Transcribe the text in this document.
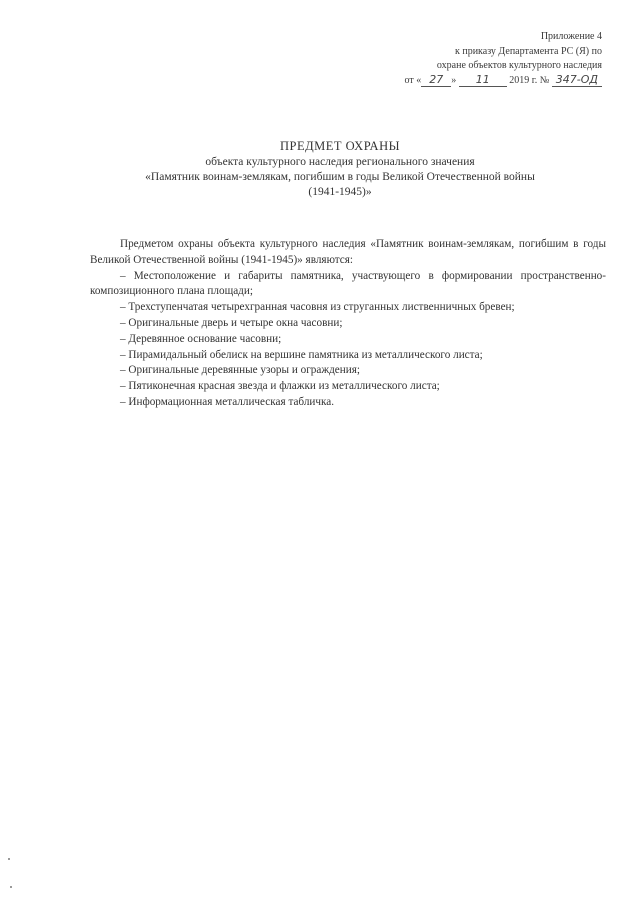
Приложение 4
к приказу Департамента РС (Я) по
охране объектов культурного наследия
от « 27 » 11 2019 г. № 347-ОД
ПРЕДМЕТ ОХРАНЫ
объекта культурного наследия регионального значения
«Памятник воинам-землякам, погибшим в годы Великой Отечественной войны
(1941-1945)»

Предметом охраны объекта культурного наследия «Памятник воинам-землякам, погибшим в годы Великой Отечественной войны (1941-1945)» являются:

– Местоположение и габариты памятника, участвующего в формировании пространственно-композиционного плана площади;

– Трехступенчатая четырехгранная часовня из струганных лиственничных бревен;

– Оригинальные дверь и четыре окна часовни;

– Деревянное основание часовни;

– Пирамидальный обелиск на вершине памятника из металлического листа;

– Оригинальные деревянные узоры и ограждения;

– Пятиконечная красная звезда и флажки из металлического листа;

– Информационная металлическая табличка.
